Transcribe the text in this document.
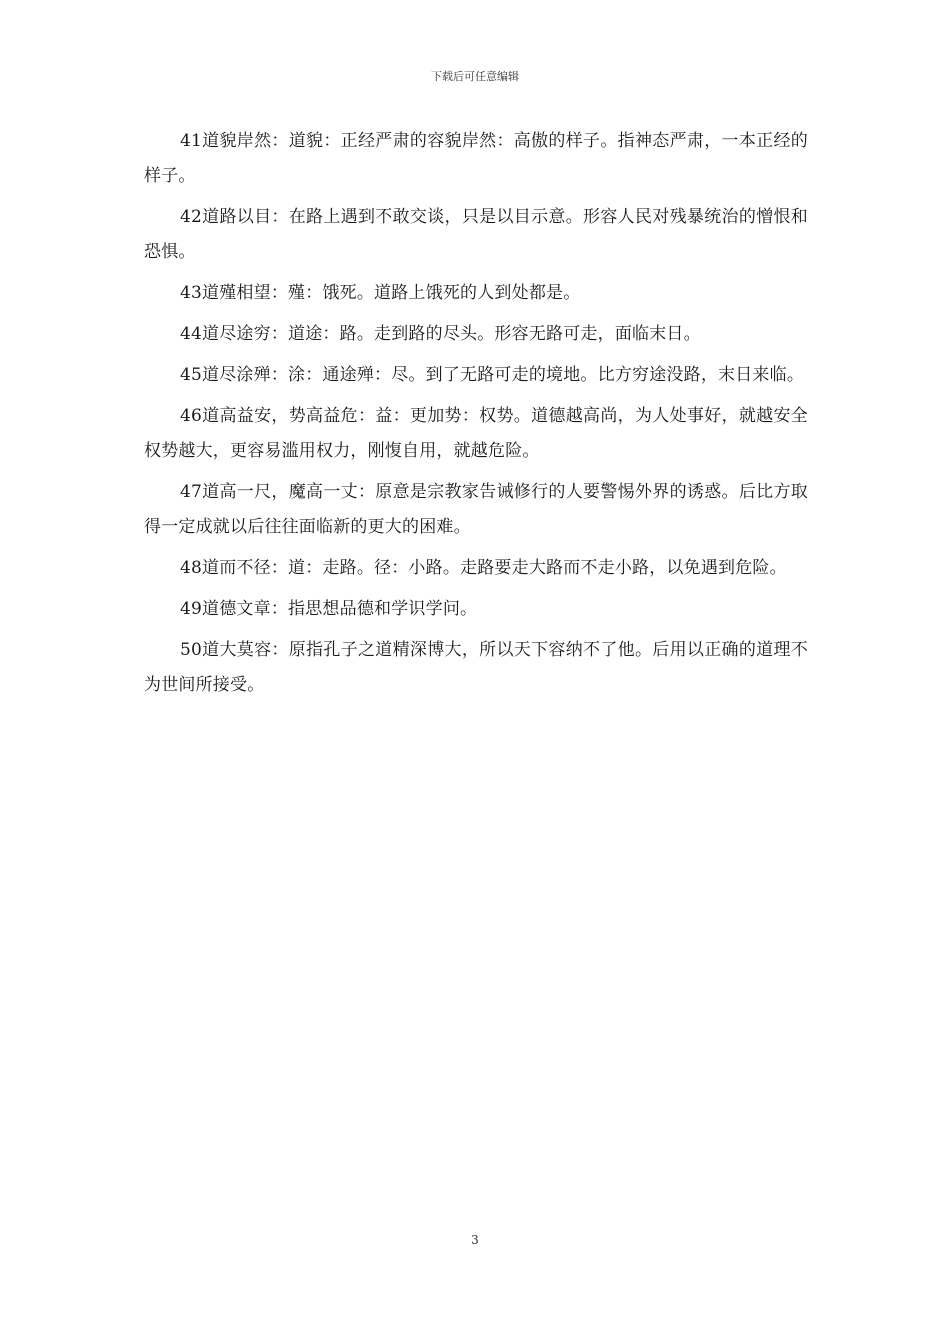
下载后可任意编辑

41道貌岸然：道貌：正经严肃的容貌岸然：高傲的样子。指神态严肃，一本正经的样子。

42道路以目：在路上遇到不敢交谈，只是以目示意。形容人民对残暴统治的憎恨和恐惧。

43道殣相望：殣：饿死。道路上饿死的人到处都是。

44道尽途穷：道途：路。走到路的尽头。形容无路可走，面临末日。

45道尽涂殚：涂：通途殚：尽。到了无路可走的境地。比方穷途没路，末日来临。

46道高益安，势高益危：益：更加势：权势。道德越高尚，为人处事好，就越安全权势越大，更容易滥用权力，刚愎自用，就越危险。

47道高一尺，魔高一丈：原意是宗教家告诫修行的人要警惕外界的诱惑。后比方取得一定成就以后往往面临新的更大的困难。

48道而不径：道：走路。径：小路。走路要走大路而不走小路，以免遇到危险。

49道德文章：指思想品德和学识学问。

50道大莫容：原指孔子之道精深博大，所以天下容纳不了他。后用以正确的道理不为世间所接受。

3
